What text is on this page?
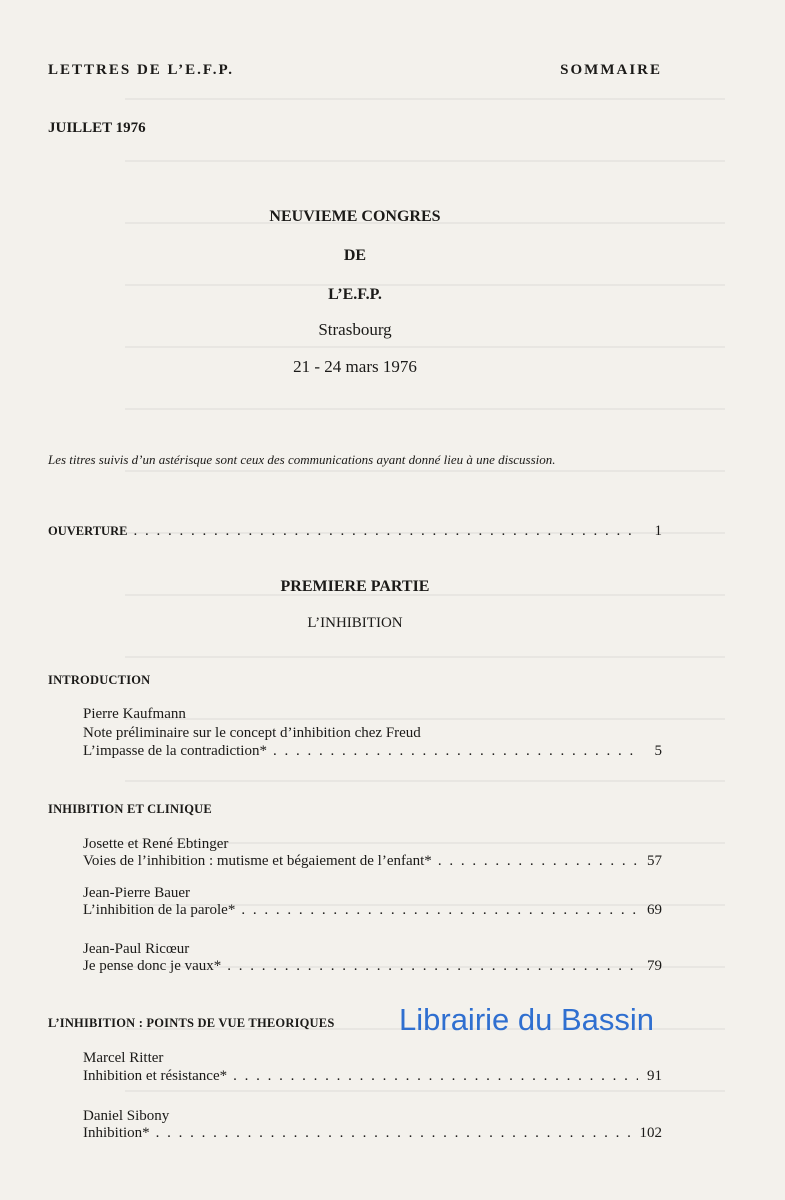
LETTRES DE L’E.F.P.	SOMMAIRE
JUILLET 1976
NEUVIEME CONGRES
DE
L’E.F.P.
Strasbourg
21 - 24 mars 1976
Les titres suivis d’un astérisque sont ceux des communications ayant donné lieu à une discussion.
OUVERTURE . . .	1
PREMIERE PARTIE
L’INHIBITION
INTRODUCTION
Pierre Kaufmann
Note préliminaire sur le concept d’inhibition chez Freud
L’impasse de la contradiction* . . .	5
INHIBITION ET CLINIQUE
Josette et René Ebtinger
Voies de l’inhibition : mutisme et bégaiement de l’enfant* . . .	57
Jean-Pierre Bauer
L’inhibition de la parole* . . .	69
Jean-Paul Ricœur
Je pense donc je vaux* . . .	79
L’INHIBITION : POINTS DE VUE THEORIQUES Librairie du Bassin
Marcel Ritter
Inhibition et résistance* . . .	91
Daniel Sibony
Inhibition* . . .	102
